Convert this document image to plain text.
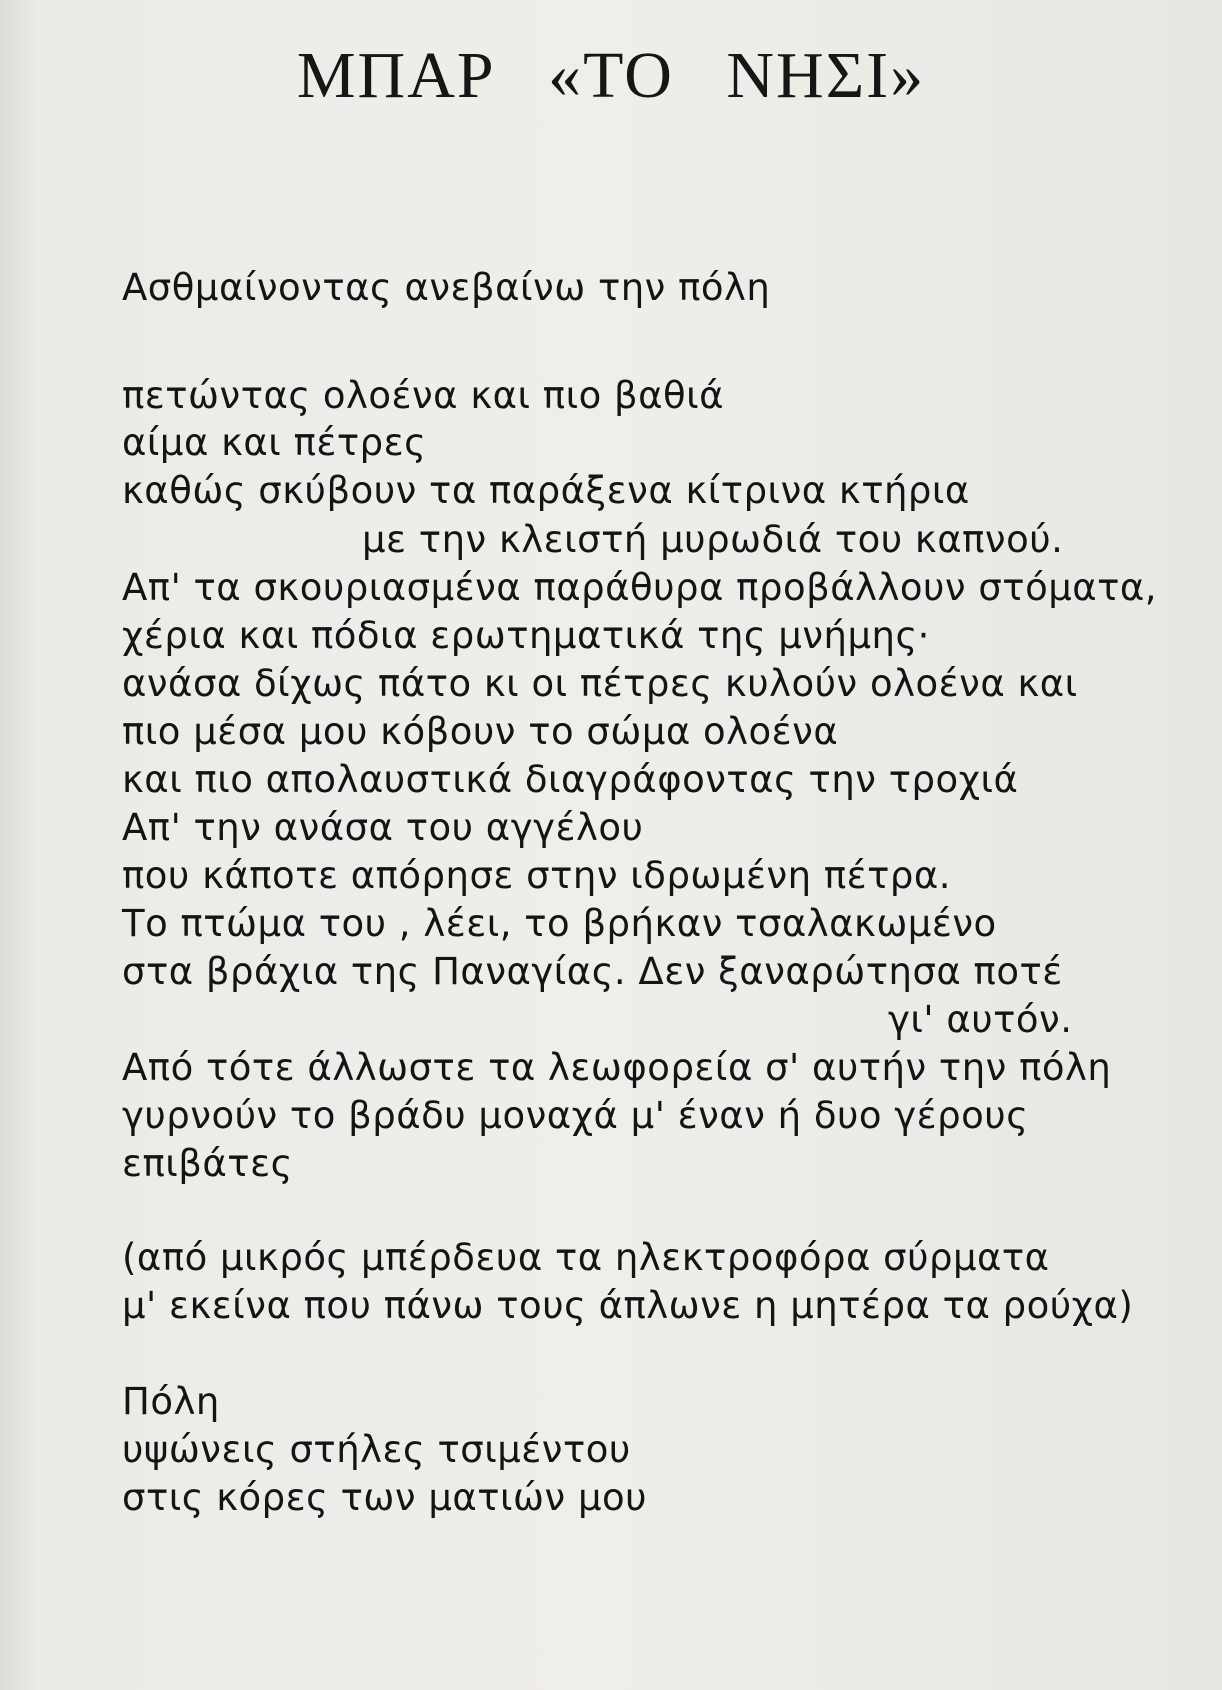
ΜΠΑΡ «ΤΟ ΝΗΣΙ»

Ασθμαίνοντας ανεβαίνω την πόλη

πετώντας ολοένα και πιο βαθιά

αίμα και πέτρες

καθώς σκύβουν τα παράξενα κίτρινα κτήρια

με την κλειστή μυρωδιά του καπνού.

Απ' τα σκουριασμένα παράθυρα προβάλλουν στόματα,

χέρια και πόδια ερωτηματικά της μνήμης·

ανάσα δίχως πάτο κι οι πέτρες κυλούν ολοένα και

πιο μέσα μου κόβουν το σώμα ολοένα

και πιο απολαυστικά διαγράφοντας την τροχιά

Απ' την ανάσα του αγγέλου

που κάποτε απόρησε στην ιδρωμένη πέτρα.

Το πτώμα του , λέει, το βρήκαν τσαλακωμένο

στα βράχια της Παναγίας. Δεν ξαναρώτησα ποτέ

γι' αυτόν.

Από τότε άλλωστε τα λεωφορεία σ' αυτήν την πόλη

γυρνούν το βράδυ μοναχά μ' έναν ή δυο γέρους

επιβάτες

(από μικρός μπέρδευα τα ηλεκτροφόρα σύρματα

μ' εκείνα που πάνω τους άπλωνε η μητέρα τα ρούχα)

Πόλη

υψώνεις στήλες τσιμέντου

στις κόρες των ματιών μου
